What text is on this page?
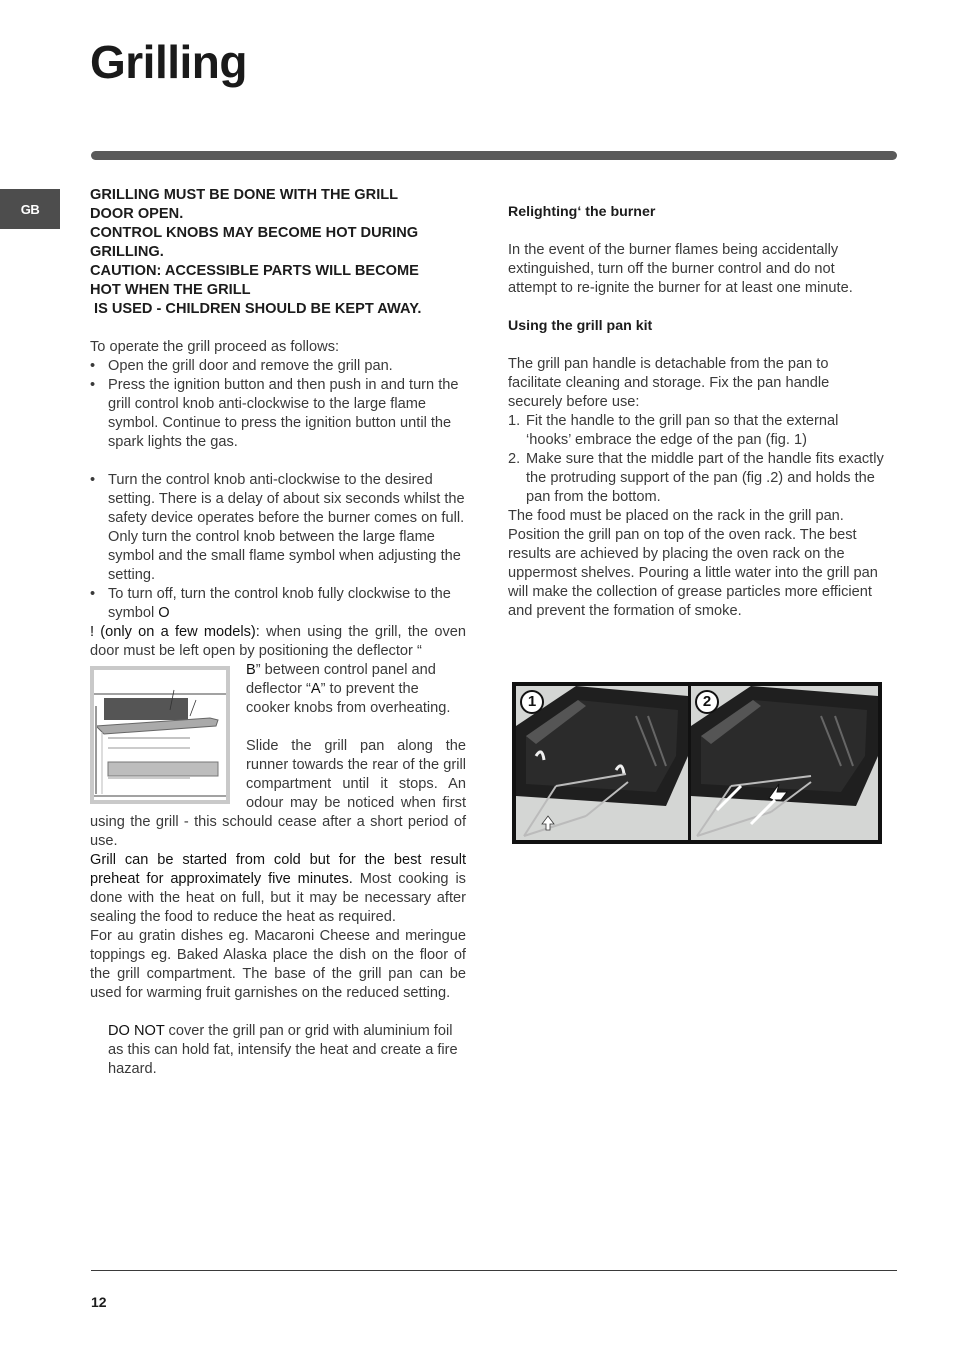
Grilling
GB
GRILLING MUST BE DONE WITH THE GRILL
DOOR OPEN.
CONTROL KNOBS MAY BECOME HOT DURING
GRILLING.
CAUTION: ACCESSIBLE PARTS WILL BECOME
HOT WHEN THE GRILL
IS USED - CHILDREN SHOULD BE KEPT AWAY.

To operate the grill proceed as follows:

• Open the grill door and remove the grill pan.
• Press the ignition button and then push in and turn the grill control knob anti-clockwise to the large flame symbol. Continue to press the ignition button until the spark lights the gas.
• Turn the control knob anti-clockwise to the desired setting. There is a delay of about six seconds whilst the safety device operates before the burner comes on full. Only turn the control knob between the large flame symbol and the small flame symbol when adjusting the setting.
• To turn off, turn the control knob fully clockwise to the symbol O

! (only on a few models): when using the grill, the oven door must be left open by positioning the deflector “

B” between control panel and deflector “A” to prevent the cooker knobs from overheating.

Slide the grill pan along the runner towards the rear of the grill compartment until it stops. An odour may be noticed when first using the grill - this schould cease after a short period of use.

Grill can be started from cold but for the best result preheat for approximately five minutes. Most cooking is done with the heat on full, but it may be necessary after sealing the food to reduce the heat as required.

For au gratin dishes eg. Macaroni Cheese and meringue toppings eg. Baked Alaska place the dish on the floor of the grill compartment. The base of the grill pan can be used for warming fruit garnishes on the reduced setting.

DO NOT cover the grill pan or grid with aluminium foil as this can hold fat, intensify the heat and create a fire hazard.

Relighting‘ the burner

In the event of the burner flames being accidentally extinguished, turn off the burner control and do not attempt to re-ignite the burner for at least one minute.

Using the grill pan kit

The grill pan handle is detachable from the pan to facilitate cleaning and storage. Fix the pan handle securely before use:

1. Fit the handle to the grill pan so that the external ‘hooks’ embrace the edge of the pan (fig. 1)
2. Make sure that the middle part of the handle fits exactly the protruding support of the pan (fig .2) and holds the pan from the bottom.

The food must be placed on the rack in the grill pan. Position the grill pan on top of the oven rack. The best results are achieved by placing the oven rack on the uppermost shelves. Pouring a little water into the grill pan will make the collection of grease particles more efficient and prevent the formation of smoke.

1	2
12
